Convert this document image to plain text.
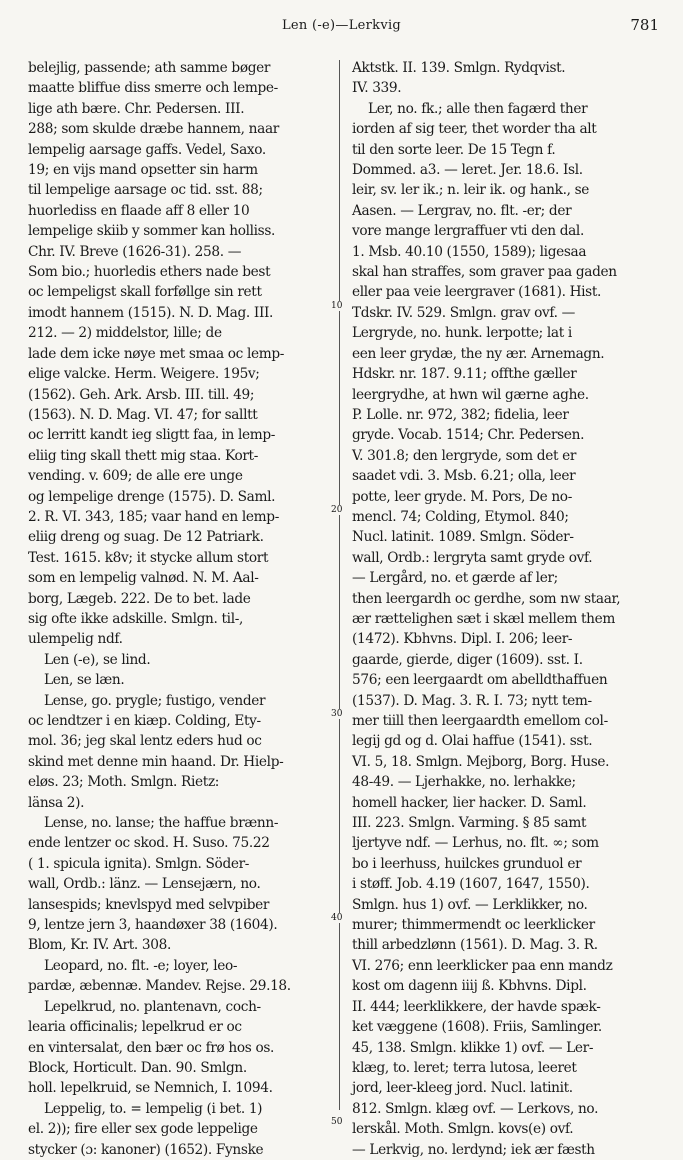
Len (-e)—Lerkvig	781
10
20
30
40
50
belejlig, passende; ath samme bøger
maatte bliffue diss smerre och lempe-
lige ath bære. Chr. Pedersen. III.
288; som skulde dræbe hannem, naar
lempelig aarsage gaffs. Vedel, Saxo.
19; en vijs mand opsetter sin harm
til lempelige aarsage oc tid. sst. 88;
huorlediss en flaade aff 8 eller 10
lempelige skiib y sommer kan holliss.
Chr. IV. Breve (1626-31). 258. —
Som bio.; huorledis ethers nade best
oc lempeligst skall forføllge sin rett
imodt hannem (1515). N. D. Mag. III.
212. — 2) middelstor, lille; de
lade dem icke nøye met smaa oc lemp-
elige valcke. Herm. Weigere. 195v;
(1562). Geh. Ark. Arsb. III. till. 49;
(1563). N. D. Mag. VI. 47; for salltt
oc lerritt kandt ieg sligtt faa, in lemp-
eliig ting skall thett mig staa. Kort-
vending. v. 609; de alle ere unge
og lempelige drenge (1575). D. Saml.
2. R. VI. 343, 185; vaar hand en lemp-
eliig dreng og suag. De 12 Patriark.
Test. 1615. k8v; it stycke allum stort
som en lempelig valnød. N. M. Aal-
borg, Lægeb. 222. De to bet. lade
sig ofte ikke adskille. Smlgn. til-,
ulempelig ndf.
Len (-e), se lind.
Len, se læn.
Lense, go. prygle; fustigo, vender
oc lendtzer i en kiæp. Colding, Ety-
mol. 36; jeg skal lentz eders hud oc
skind met denne min haand. Dr. Hielp-
eløs. 23; Moth. Smlgn. Rietz:
länsa 2).
Lense, no. lanse; the haffue brænn-
ende lentzer oc skod. H. Suso. 75.22
( 1. spicula ignita). Smlgn. Söder-
wall, Ordb.: länz. — Lensejærn, no.
lansespids; knevlspyd med selvpiber
9, lentze jern 3, haandøxer 38 (1604).
Blom, Kr. IV. Art. 308.
Leopard, no. flt. -e; loyer, leo-
pardæ, æbennæ. Mandev. Rejse. 29.18.
Lepelkrud, no. plantenavn, coch-
learia officinalis; lepelkrud er oc
en vintersalat, den bær oc frø hos os.
Block, Horticult. Dan. 90. Smlgn.
holl. lepelkruid, se Nemnich, I. 1094.
Leppelig, to. = lempelig (i bet. 1)
el. 2)); fire eller sex gode leppelige
stycker (ɔ: kanoner) (1652). Fynske
Aktstk. II. 139. Smlgn. Rydqvist.
IV. 339.
Ler, no. fk.; alle then fagærd ther
iorden af sig teer, thet worder tha alt
til den sorte leer. De 15 Tegn f.
Dommed. a3. — leret. Jer. 18.6. Isl.
leir, sv. ler ik.; n. leir ik. og hank., se
Aasen. — Lergrav, no. flt. -er; der
vore mange lergraffuer vti den dal.
1. Msb. 40.10 (1550, 1589); ligesaa
skal han straffes, som graver paa gaden
eller paa veie leergraver (1681). Hist.
Tdskr. IV. 529. Smlgn. grav ovf. —
Lergryde, no. hunk. lerpotte; lat i
een leer grydæ, the ny ær. Arnemagn.
Hdskr. nr. 187. 9.11; offthe gæller
leergrydhe, at hwn wil gærne aghe.
P. Lolle. nr. 972, 382; fidelia, leer
gryde. Vocab. 1514; Chr. Pedersen.
V. 301.8; den lergryde, som det er
saadet vdi. 3. Msb. 6.21; olla, leer
potte, leer gryde. M. Pors, De no-
mencl. 74; Colding, Etymol. 840;
Nucl. latinit. 1089. Smlgn. Söder-
wall, Ordb.: lergryta samt gryde ovf.
— Lergård, no. et gærde af ler;
then leergardh oc gerdhe, som nw staar,
ær rættelighen sæt i skæl mellem them
(1472). Kbhvns. Dipl. I. 206; leer-
gaarde, gierde, diger (1609). sst. I.
576; een leergaardt om abelldthaffuen
(1537). D. Mag. 3. R. I. 73; nytt tem-
mer tiill then leergaardth emellom col-
legij gd og d. Olai haffue (1541). sst.
VI. 5, 18. Smlgn. Mejborg, Borg. Huse.
48-49. — Ljerhakke, no. lerhakke;
homell hacker, lier hacker. D. Saml.
III. 223. Smlgn. Varming. § 85 samt
ljertyve ndf. — Lerhus, no. flt. ∞; som
bo i leerhuss, huilckes grunduol er
i støff. Job. 4.19 (1607, 1647, 1550).
Smlgn. hus 1) ovf. — Lerklikker, no.
murer; thimmermendt oc leerklicker
thill arbedzlønn (1561). D. Mag. 3. R.
VI. 276; enn leerklicker paa enn mandz
kost om dagenn iiij ß. Kbhvns. Dipl.
II. 444; leerklikkere, der havde spæk-
ket væggene (1608). Friis, Samlinger.
45, 138. Smlgn. klikke 1) ovf. — Ler-
klæg, to. leret; terra lutosa, leeret
jord, leer-kleeg jord. Nucl. latinit.
812. Smlgn. klæg ovf. — Lerkovs, no.
lerskål. Moth. Smlgn. kovs(e) ovf.
— Lerkvig, no. lerdynd; iek ær fæsth
